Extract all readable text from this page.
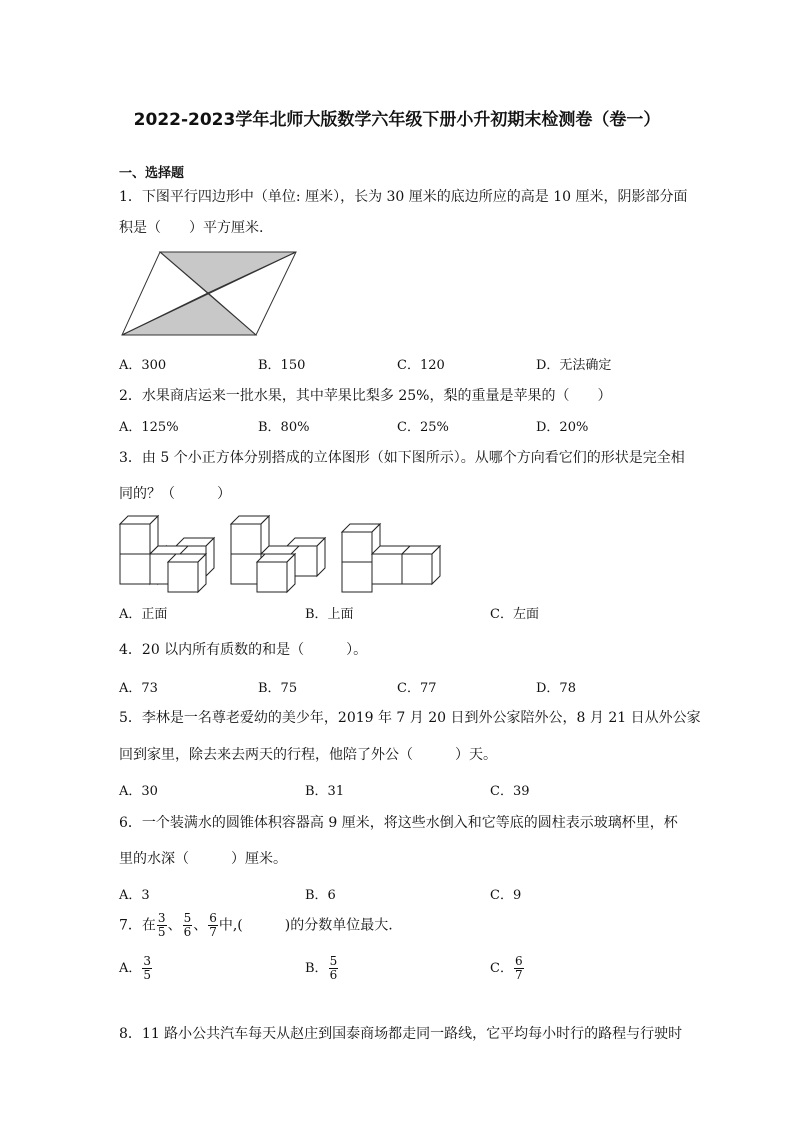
2022-2023学年北师大版数学六年级下册小升初期末检测卷（卷一）
一、选择题
1．下图平行四边形中（单位: 厘米），长为 30 厘米的底边所应的高是 10 厘米，阴影部分面
积是（　　）平方厘米.
A．300	B．150	C．120	D．无法确定
2．水果商店运来一批水果，其中苹果比梨多 25%，梨的重量是苹果的（　　）
A．125%	B．80%	C．25%	D．20%
3．由 5 个小正方体分别搭成的立体图形（如下图所示）。从哪个方向看它们的形状是完全相
同的？（　　　）
A．正面	B．上面	C．左面
4．20 以内所有质数的和是（　　　）。
A．73	B．75	C．77	D．78
5．李林是一名尊老爱幼的美少年，2019 年 7 月 20 日到外公家陪外公，8 月 21 日从外公家
回到家里，除去来去两天的行程，他陪了外公（　　　）天。
A．30	B．31	C．39
6．一个装满水的圆锥体积容器高 9 厘米，将这些水倒入和它等底的圆柱表示玻璃杯里，杯
里的水深（　　　）厘米。
A．3	B．6	C．9
7．在 $\frac{3}{5}$ 、 $\frac{5}{6}$ 、 $\frac{6}{7}$ 中,(　　　)的分数单位最大.
A． $\frac{3}{5}$	B． $\frac{5}{6}$	C． $\frac{6}{7}$
8．11 路小公共汽车每天从赵庄到国泰商场都走同一路线，它平均每小时行的路程与行驶时
